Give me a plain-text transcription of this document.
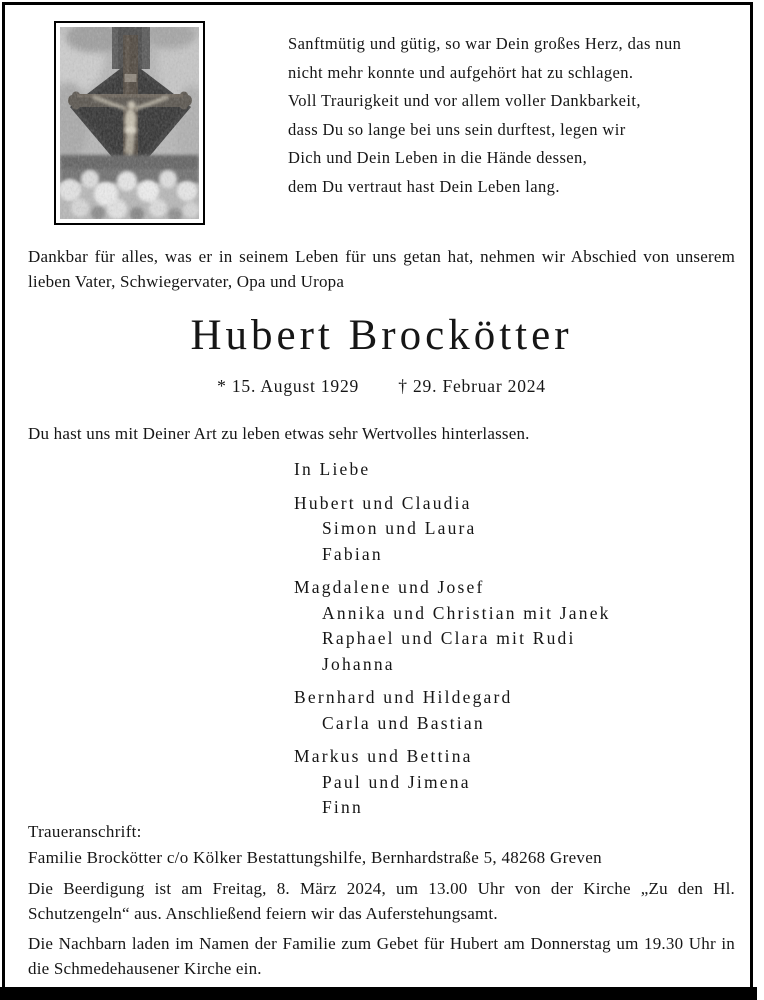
Sanftmütig und gütig, so war Dein großes Herz, das nun
nicht mehr konnte und aufgehört hat zu schlagen.
Voll Traurigkeit und vor allem voller Dankbarkeit,
dass Du so lange bei uns sein durftest, legen wir
Dich und Dein Leben in die Hände dessen,
dem Du vertraut hast Dein Leben lang.

Dankbar für alles, was er in seinem Leben für uns getan hat, nehmen wir Abschied von unserem lieben Vater, Schwiegervater, Opa und Uropa

Hubert Brockötter
* 15. August 1929 † 29. Februar 2024
Du hast uns mit Deiner Art zu leben etwas sehr Wertvolles hinterlassen.
In Liebe
Hubert und Claudia
Simon und Laura
Fabian
Magdalene und Josef
Annika und Christian mit Janek
Raphael und Clara mit Rudi
Johanna
Bernhard und Hildegard
Carla und Bastian
Markus und Bettina
Paul und Jimena
Finn
Traueranschrift:
Familie Brockötter c/o Kölker Bestattungshilfe, Bernhardstraße 5, 48268 Greven

Die Beerdigung ist am Freitag, 8. März 2024, um 13.00 Uhr von der Kirche „Zu den Hl. Schutzengeln“ aus. Anschließend feiern wir das Auferstehungsamt.

Die Nachbarn laden im Namen der Familie zum Gebet für Hubert am Donnerstag um 19.30 Uhr in die Schmedehausener Kirche ein.
